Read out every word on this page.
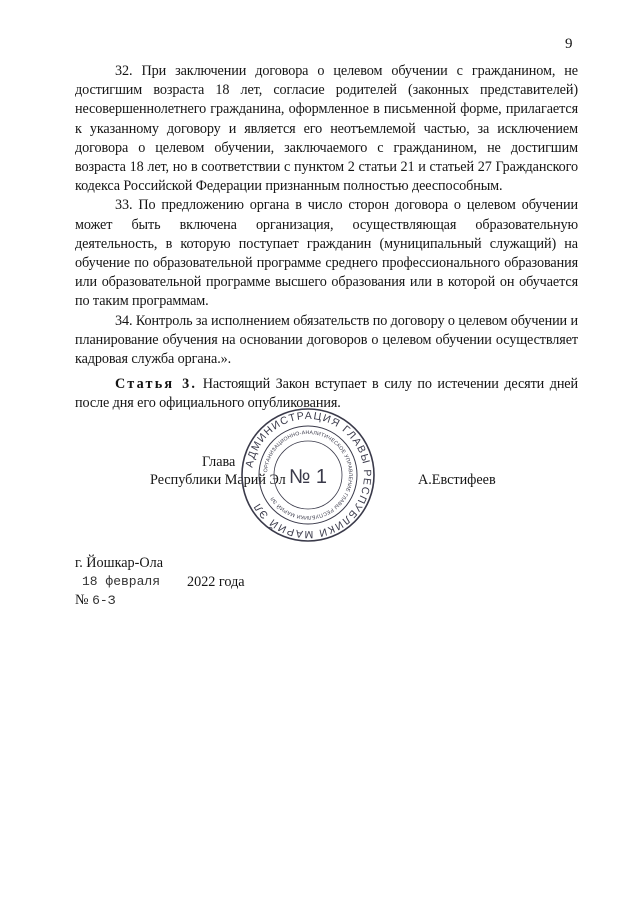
9

32. При заключении договора о целевом обучении с гражданином, не достигшим возраста 18 лет, согласие родителей (законных представителей) несовершеннолетнего гражданина, оформленное в письменной форме, прилагается к указанному договору и является его неотъемлемой частью, за исключением договора о целевом обучении, заключаемого с гражданином, не достигшим возраста 18 лет, но в соответствии с пунктом 2 статьи 21 и статьей 27 Гражданского кодекса Российской Федерации признанным полностью дееспособным.

33. По предложению органа в число сторон договора о целевом обучении может быть включена организация, осуществляющая образовательную деятельность, в которую поступает гражданин (муниципальный служащий) на обучение по образовательной программе среднего профессионального образования или образовательной программе высшего образования или в которой он обучается по таким программам.

34. Контроль за исполнением обязательств по договору о целевом обучении и планирование обучения на основании договоров о целевом обучении осуществляет кадровая служба органа.».

Статья 3. Настоящий Закон вступает в силу по истечении десяти дней после дня его официального опубликования.

Глава
Республики Марий Эл	А.Евстифеев
АДМИНИСТРАЦИЯ ГЛАВЫ РЕСПУБЛИКИ МАРИЙ ЭЛ
ОРГАНИЗАЦИОННО-АНАЛИТИЧЕСКОЕ УПРАВЛЕНИЕ ГЛАВЫ РЕСПУБЛИКИ МАРИЙ ЭЛ
№ 1
г. Йошкар-Ола
18 февраля 2022 года
№ 6-З
